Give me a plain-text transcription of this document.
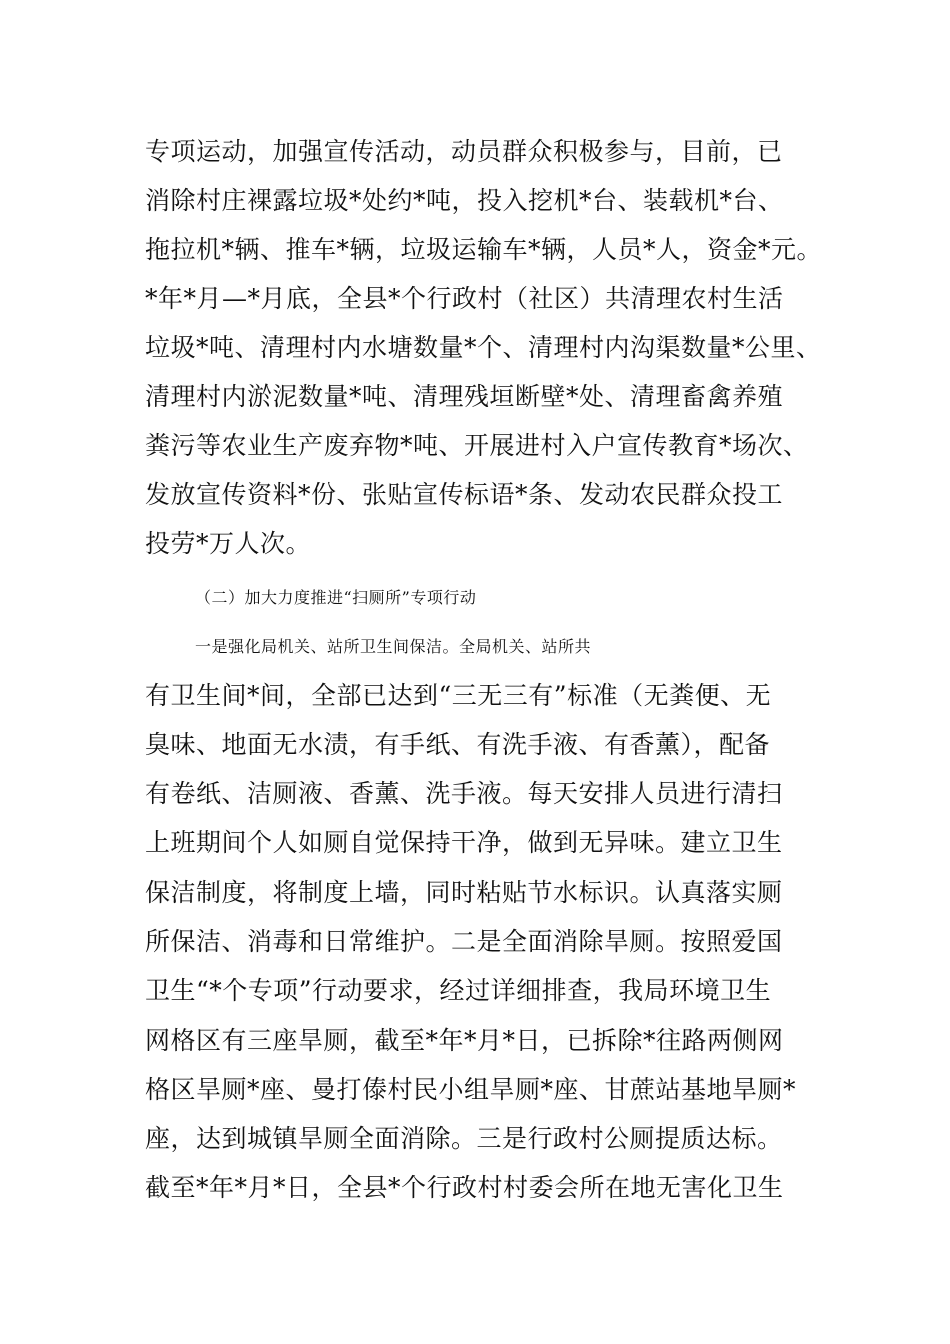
专项运动，加强宣传活动，动员群众积极参与，目前，已
消除村庄裸露垃圾*处约*吨，投入挖机*台、装载机*台、
拖拉机*辆、推车*辆，垃圾运输车*辆，人员*人，资金*元。
*年*月—*月底，全县*个行政村（社区）共清理农村生活
垃圾*吨、清理村内水塘数量*个、清理村内沟渠数量*公里、
清理村内淤泥数量*吨、清理残垣断壁*处、清理畜禽养殖
粪污等农业生产废弃物*吨、开展进村入户宣传教育*场次、
发放宣传资料*份、张贴宣传标语*条、发动农民群众投工
投劳*万人次。
（二）加大力度推进“扫厕所”专项行动
一是强化局机关、站所卫生间保洁。全局机关、站所共
有卫生间*间，全部已达到“三无三有”标准（无粪便、无
臭味、地面无水渍，有手纸、有洗手液、有香薰），配备
有卷纸、洁厕液、香薰、洗手液。每天安排人员进行清扫
上班期间个人如厕自觉保持干净，做到无异味。建立卫生
保洁制度，将制度上墙，同时粘贴节水标识。认真落实厕
所保洁、消毒和日常维护。二是全面消除旱厕。按照爱国
卫生“*个专项”行动要求，经过详细排查，我局环境卫生
网格区有三座旱厕，截至*年*月*日，已拆除*往路两侧网
格区旱厕*座、曼打傣村民小组旱厕*座、甘蔗站基地旱厕*
座，达到城镇旱厕全面消除。三是行政村公厕提质达标。
截至*年*月*日，全县*个行政村村委会所在地无害化卫生
